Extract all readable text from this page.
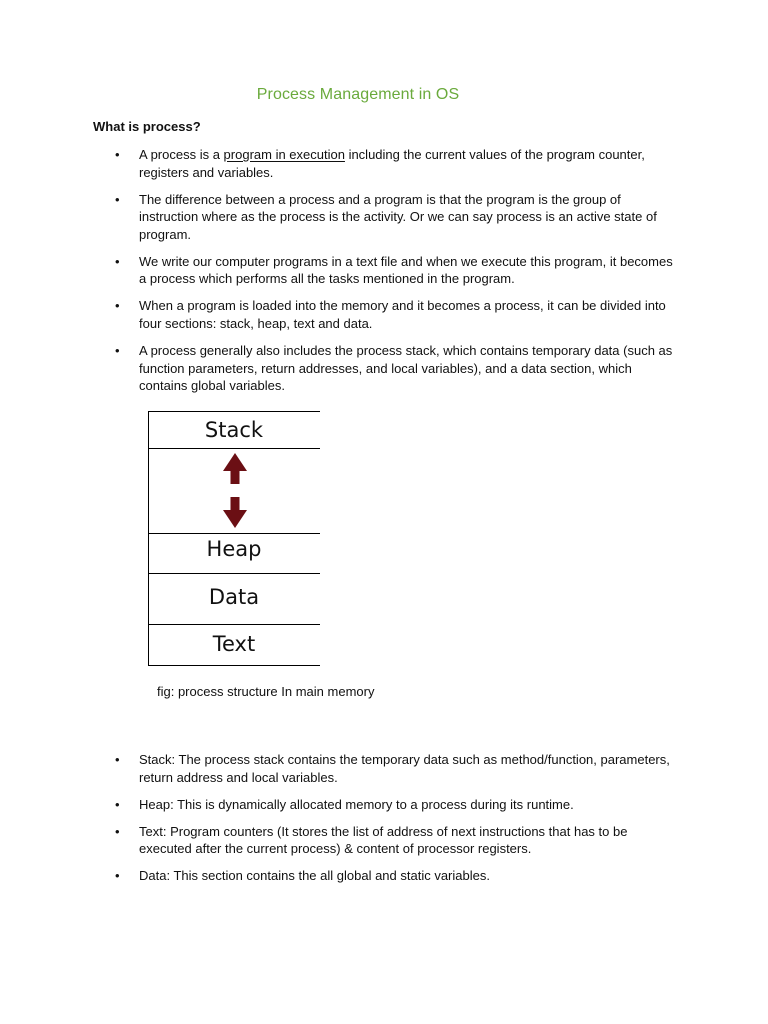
Process Management in OS
What is process?
• A process is a program in execution including the current values of the program counter, registers and variables.
• The difference between a process and a program is that the program is the group of instruction where as the process is the activity. Or we can say process is an active state of program.
• We write our computer programs in a text file and when we execute this program, it becomes a process which performs all the tasks mentioned in the program.
• When a program is loaded into the memory and it becomes a process, it can be divided into four sections: stack, heap, text and data.
• A process generally also includes the process stack, which contains temporary data (such as function parameters, return addresses, and local variables), and a data section, which contains global variables.
Stack
Heap
Data
Text
fig: process structure In main memory
• Stack: The process stack contains the temporary data such as method/function, parameters, return address and local variables.
• Heap: This is dynamically allocated memory to a process during its runtime.
• Text: Program counters (It stores the list of address of next instructions that has to be executed after the current process) & content of processor registers.
• Data: This section contains the all global and static variables.
